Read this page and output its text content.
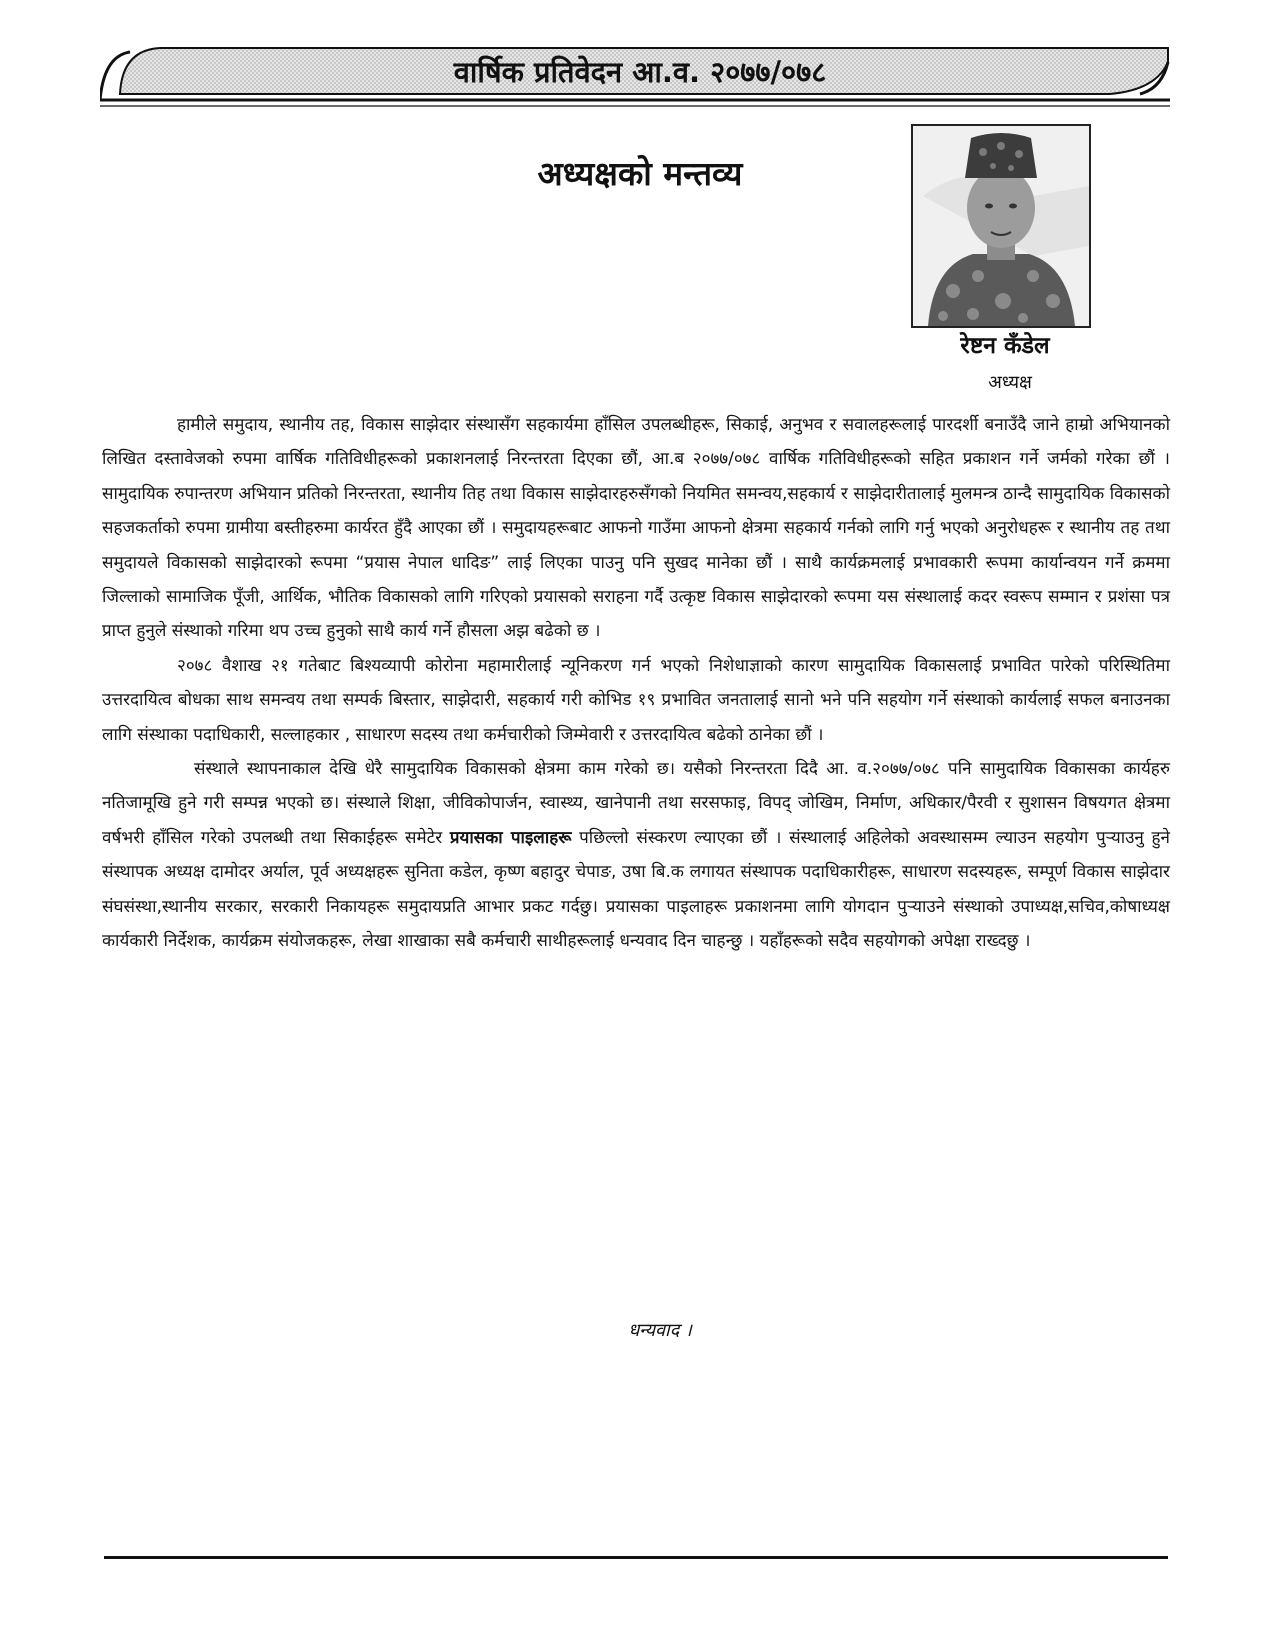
वार्षिक प्रतिवेदन आ.व. २०७७/०७८
अध्यक्षको मन्तव्य
रेष्टन कँडेल
अध्यक्ष

हामीले समुदाय, स्थानीय तह, विकास साझेदार संस्थासँग सहकार्यमा हाँसिल उपलब्धीहरू, सिकाई, अनुभव र सवालहरूलाई पारदर्शी बनाउँदै जाने हाम्रो अभियानको लिखित दस्तावेजको रुपमा वार्षिक गतिविधीहरूको प्रकाशनलाई निरन्तरता दिएका छौं, आ.ब २०७७/०७८ वार्षिक गतिविधीहरूको सहित प्रकाशन गर्ने जर्मको गरेका छौं । सामुदायिक रुपान्तरण अभियान प्रतिको निरन्तरता, स्थानीय तिह तथा विकास साझेदारहरुसँगको नियमित समन्वय,सहकार्य र साझेदारीतालाई मुलमन्त्र ठान्दै सामुदायिक विकासको सहजकर्ताको रुपमा ग्रामीया बस्तीहरुमा कार्यरत हुँदै आएका छौं । समुदायहरूबाट आफनो गाउँमा आफनो क्षेत्रमा सहकार्य गर्नको लागि गर्नु भएको अनुरोधहरू र स्थानीय तह तथा समुदायले विकासको साझेदारको रूपमा “प्रयास नेपाल धादिङ” लाई लिएका पाउनु पनि सुखद मानेका छौं । साथै कार्यक्रमलाई प्रभावकारी रूपमा कार्यान्वयन गर्ने क्रममा जिल्लाको सामाजिक पूँजी, आर्थिक, भौतिक विकासको लागि गरिएको प्रयासको सराहना गर्दै उत्कृष्ट विकास साझेदारको रूपमा यस संस्थालाई कदर स्वरूप सम्मान र प्रशंसा पत्र प्राप्त हुनुले संस्थाको गरिमा थप उच्च हुनुको साथै कार्य गर्ने हौसला अझ बढेको छ ।

२०७८ वैशाख २१ गतेबाट बिश्यव्यापी कोरोना महामारीलाई न्यूनिकरण गर्न भएको निशेधाज्ञाको कारण सामुदायिक विकासलाई प्रभावित पारेको परिस्थितिमा उत्तरदायित्व बोधका साथ समन्वय तथा सम्पर्क बिस्तार, साझेदारी, सहकार्य गरी कोभिड १९ प्रभावित जनतालाई सानो भने पनि सहयोग गर्ने संस्थाको कार्यलाई सफल बनाउनका लागि संस्थाका पदाधिकारी, सल्लाहकार , साधारण सदस्य तथा कर्मचारीको जिम्मेवारी र उत्तरदायित्व बढेको ठानेका छौं ।

संस्थाले स्थापनाकाल देखि धेरै सामुदायिक विकासको क्षेत्रमा काम गरेको छ। यसैको निरन्तरता दिदै आ. व.२०७७/०७८ पनि सामुदायिक विकासका कार्यहरु नतिजामूखि हुने गरी सम्पन्न भएको छ। संस्थाले शिक्षा, जीविकोपार्जन, स्वास्थ्य, खानेपानी तथा सरसफाइ, विपद् जोखिम, निर्माण, अधिकार/पैरवी र सुशासन विषयगत क्षेत्रमा वर्षभरी हाँसिल गरेको उपलब्धी तथा सिकाईहरू समेटेर प्रयासका पाइलाहरू पछिल्लो संस्करण ल्याएका छौं । संस्थालाई अहिलेको अवस्थासम्म ल्याउन सहयोग पुऱ्याउनु हुने संस्थापक अध्यक्ष दामोदर अर्याल, पूर्व अध्यक्षहरू सुनिता कडेल, कृष्ण बहादुर चेपाङ, उषा बि.क लगायत संस्थापक पदाधिकारीहरू, साधारण सदस्यहरू, सम्पूर्ण विकास साझेदार संघसंस्था,स्थानीय सरकार, सरकारी निकायहरू समुदायप्रति आभार प्रकट गर्दछु। प्रयासका पाइलाहरू प्रकाशनमा लागि योगदान पुऱ्याउने संस्थाको उपाध्यक्ष,सचिव,कोषाध्यक्ष कार्यकारी निर्देशक, कार्यक्रम संयोजकहरू, लेखा शाखाका सबै कर्मचारी साथीहरूलाई धन्यवाद दिन चाहन्छु । यहाँहरूको सदैव सहयोगको अपेक्षा राख्दछु ।

धन्यवाद ।
